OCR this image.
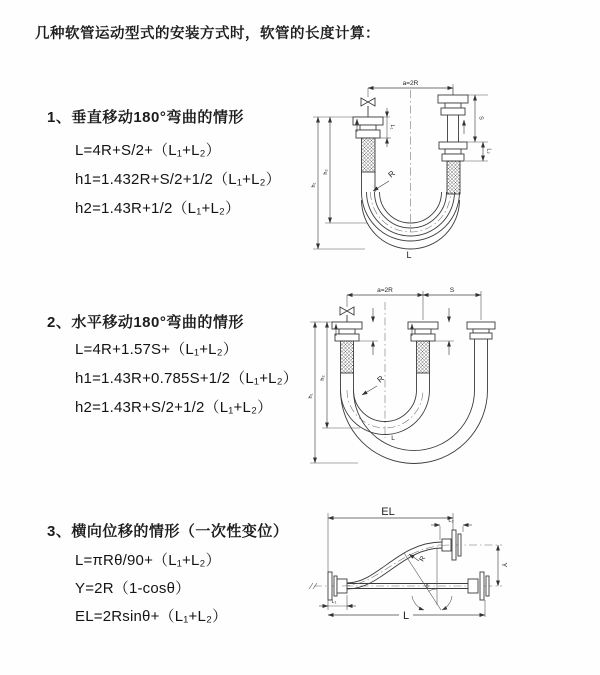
几种软管运动型式的安装方式时，软管的长度计算：
1、垂直移动180°弯曲的情形
L=4R+S/2+（L₁+L₂）
h1=1.432R+S/2+1/2（L₁+L₂）
h2=1.43R+1/2（L₁+L₂）
2、水平移动180°弯曲的情形
L=4R+1.57S+（L₁+L₂）
h1=1.43R+0.785S+1/2（L₁+L₂）
h2=1.43R+S/2+1/2（L₁+L₂）
3、横向位移的情形（一次性变位）
L=πRθ/90+（L₁+L₂）
Y=2R（1-cosθ）
EL=2Rsinθ+（L₁+L₂）
a=2R
L₁
S
L₂
R
h₁
h₂
L
a=2R	S
R
h₁
h₂
L
EL
L₂
θ
R
Y
L₁
L
